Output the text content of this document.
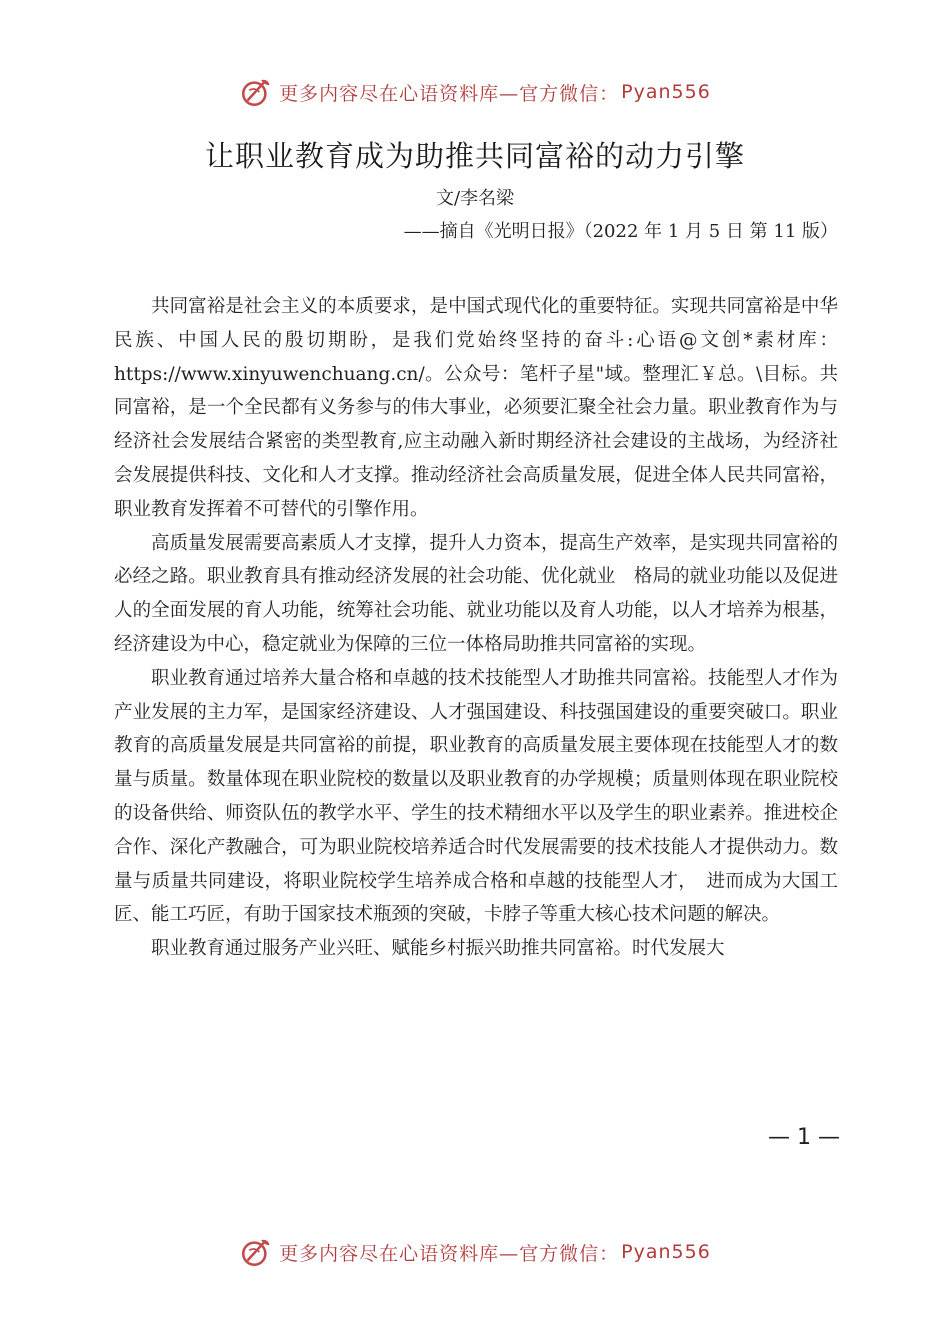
更多内容尽在心语资料库—官方微信： Pyan556
让职业教育成为助推共同富裕的动力引擎
文/李名梁
——摘自《光明日报》（2022 年 1 月 5 日 第 11 版）

共同富裕是社会主义的本质要求，是中国式现代化的重要特征。实现共同富裕是中华民族、中国人民的殷切期盼，是我们党始终坚持的奋斗:心语@文创*素材库：https://www.xinyuwenchuang.cn/。公众号：笔杆子星"域。整理汇￥总。\目标。共同富裕，是一个全民都有义务参与的伟大事业，必须要汇聚全社会力量。职业教育作为与经济社会发展结合紧密的类型教育,应主动融入新时期经济社会建设的主战场，为经济社会发展提供科技、文化和人才支撑。推动经济社会高质量发展，促进全体人民共同富裕，职业教育发挥着不可替代的引擎作用。

高质量发展需要高素质人才支撑，提升人力资本，提高生产效率，是实现共同富裕的必经之路。职业教育具有推动经济发展的社会功能、优化就业　格局的就业功能以及促进人的全面发展的育人功能，统筹社会功能、就业功能以及育人功能，以人才培养为根基，经济建设为中心，稳定就业为保障的三位一体格局助推共同富裕的实现。

职业教育通过培养大量合格和卓越的技术技能型人才助推共同富裕。技能型人才作为产业发展的主力军，是国家经济建设、人才强国建设、科技强国建设的重要突破口。职业教育的高质量发展是共同富裕的前提，职业教育的高质量发展主要体现在技能型人才的数量与质量。数量体现在职业院校的数量以及职业教育的办学规模；质量则体现在职业院校的设备供给、师资队伍的教学水平、学生的技术精细水平以及学生的职业素养。推进校企合作、深化产教融合，可为职业院校培养适合时代发展需要的技术技能人才提供动力。数量与质量共同建设，将职业院校学生培养成合格和卓越的技能型人才，　进而成为大国工匠、能工巧匠，有助于国家技术瓶颈的突破，卡脖子等重大核心技术问题的解决。

职业教育通过服务产业兴旺、赋能乡村振兴助推共同富裕。时代发展大

— 1 —
更多内容尽在心语资料库—官方微信： Pyan556
